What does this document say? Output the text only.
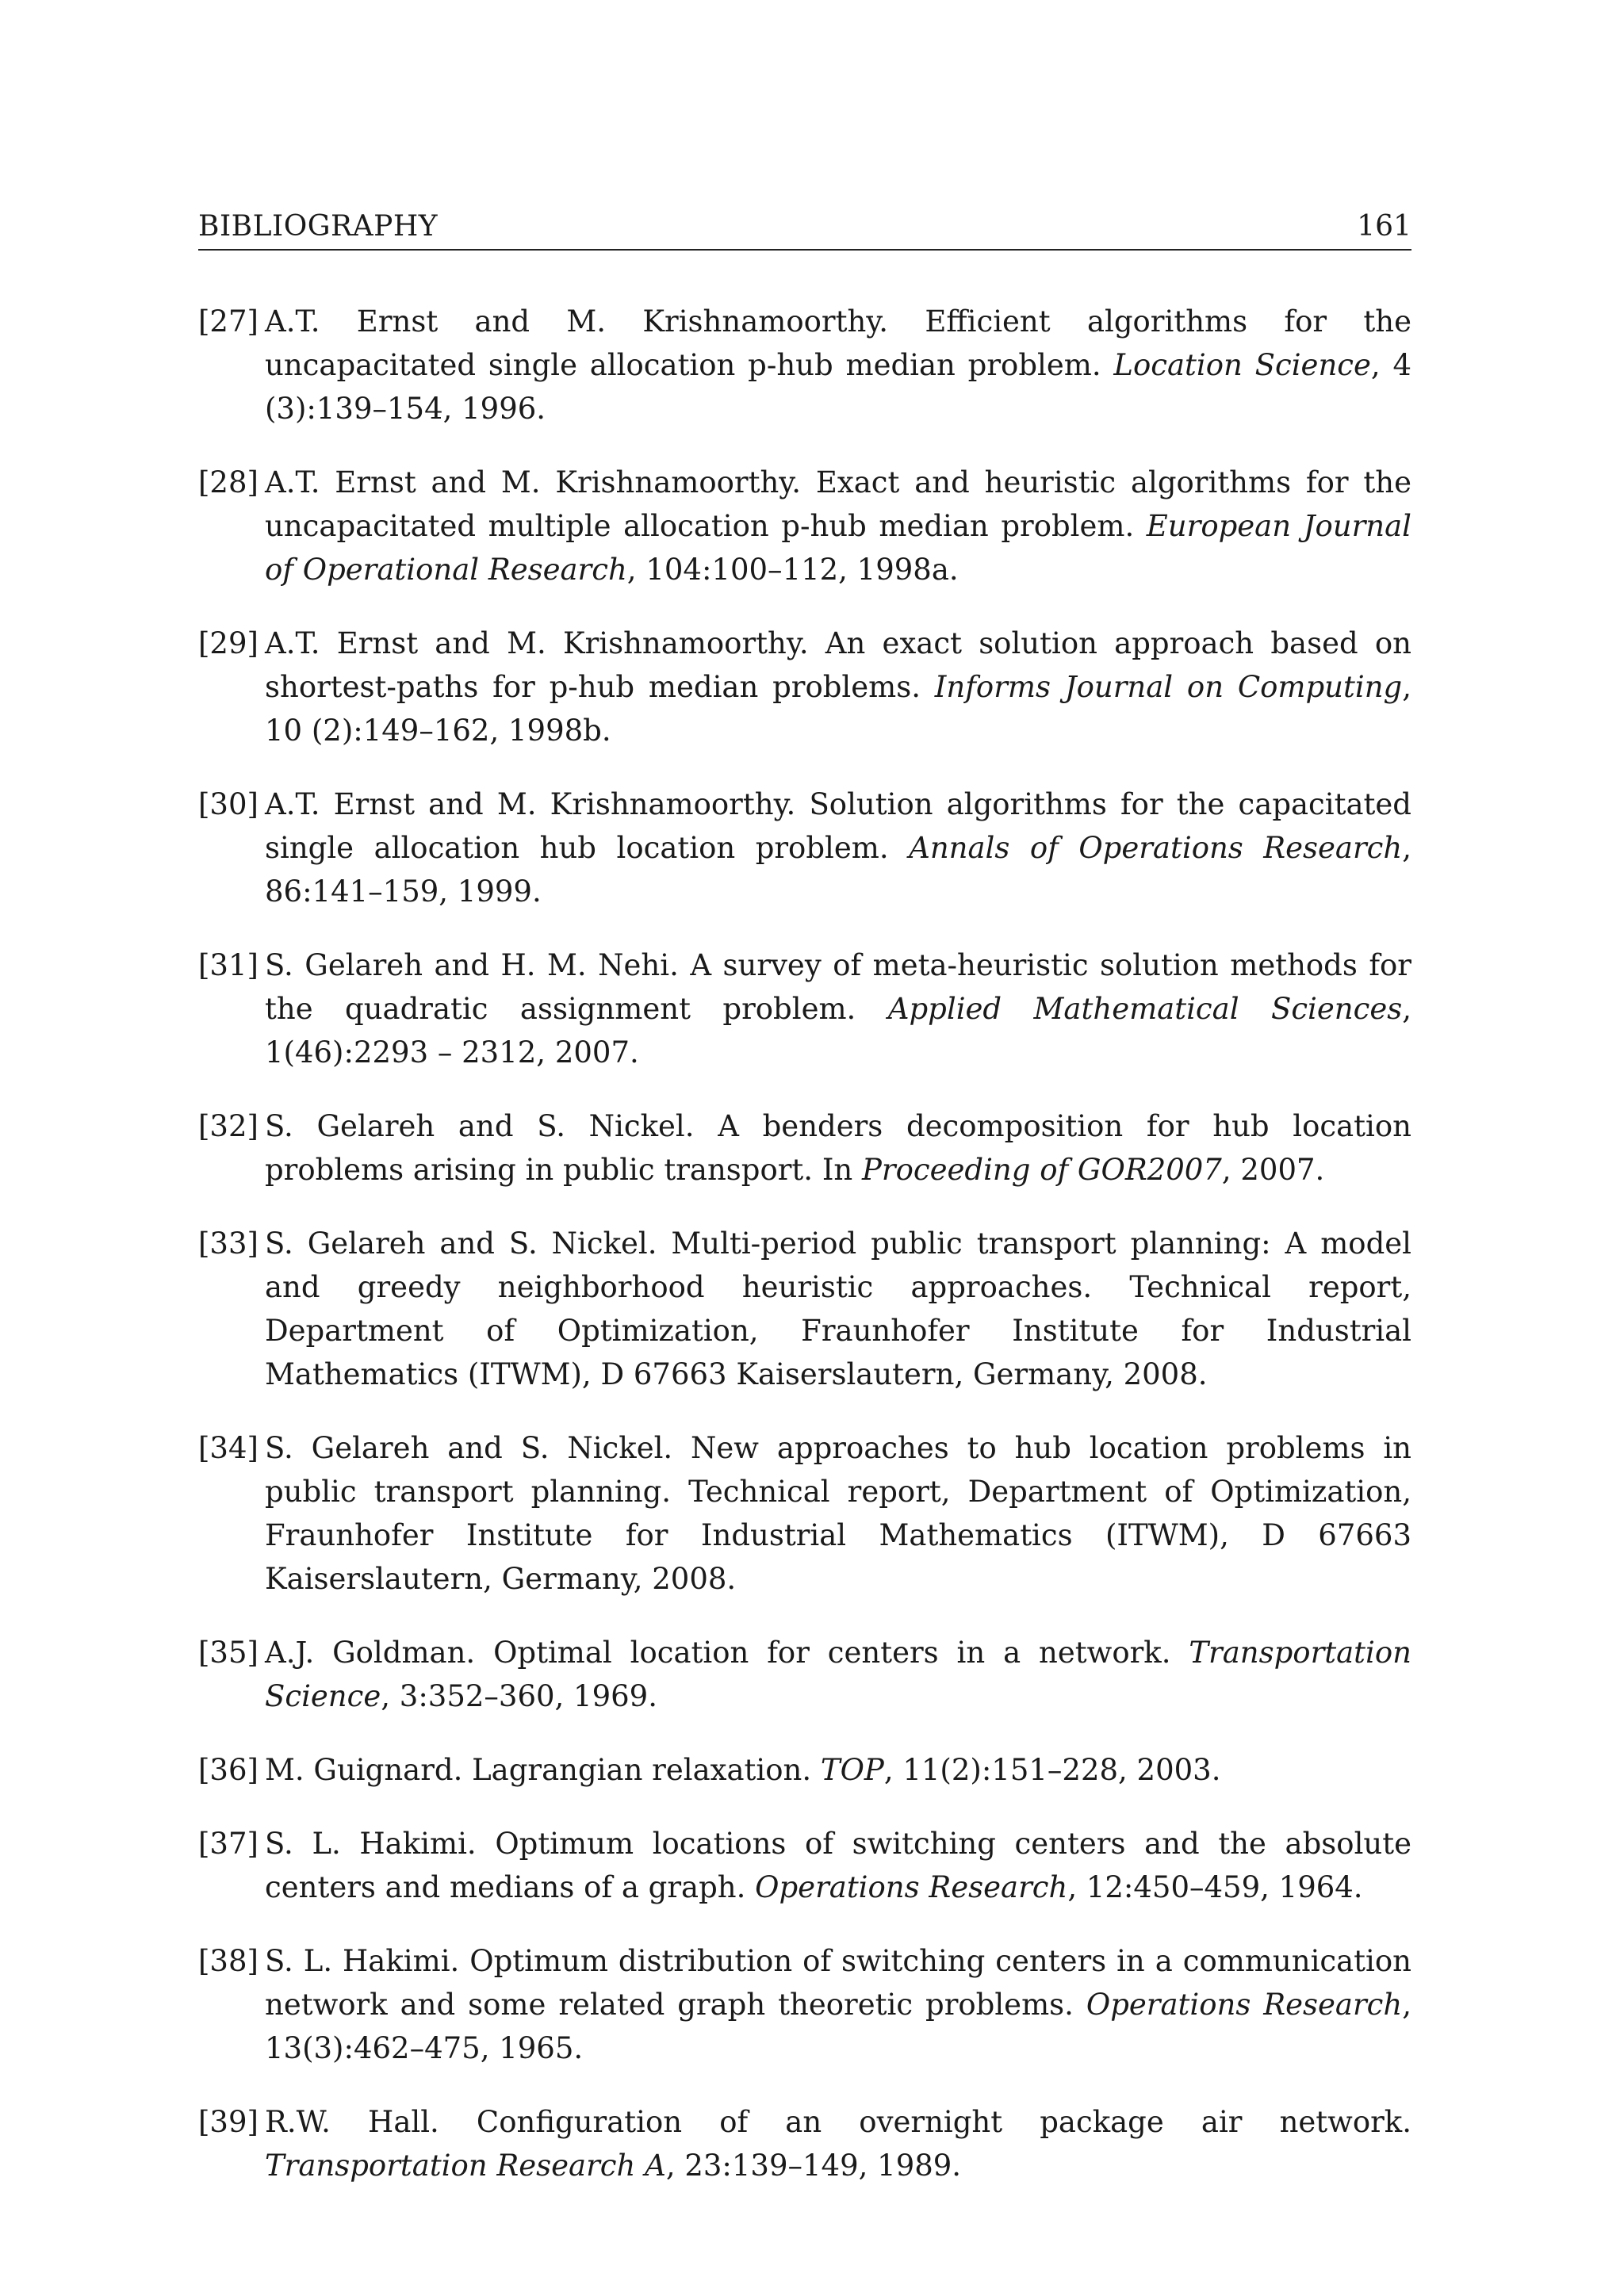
BIBLIOGRAPHY	161
[27] A.T. Ernst and M. Krishnamoorthy. Efficient algorithms for the uncapacitated single allocation p-hub median problem. Location Science, 4 (3):139–154, 1996.
[28] A.T. Ernst and M. Krishnamoorthy. Exact and heuristic algorithms for the uncapacitated multiple allocation p-hub median problem. European Journal of Operational Research, 104:100–112, 1998a.
[29] A.T. Ernst and M. Krishnamoorthy. An exact solution approach based on shortest-paths for p-hub median problems. Informs Journal on Computing, 10 (2):149–162, 1998b.
[30] A.T. Ernst and M. Krishnamoorthy. Solution algorithms for the capacitated single allocation hub location problem. Annals of Operations Research, 86:141–159, 1999.
[31] S. Gelareh and H. M. Nehi. A survey of meta-heuristic solution methods for the quadratic assignment problem. Applied Mathematical Sciences, 1(46):2293 – 2312, 2007.
[32] S. Gelareh and S. Nickel. A benders decomposition for hub location problems arising in public transport. In Proceeding of GOR2007, 2007.
[33] S. Gelareh and S. Nickel. Multi-period public transport planning: A model and greedy neighborhood heuristic approaches. Technical report, Department of Optimization, Fraunhofer Institute for Industrial Mathematics (ITWM), D 67663 Kaiserslautern, Germany, 2008.
[34] S. Gelareh and S. Nickel. New approaches to hub location problems in public transport planning. Technical report, Department of Optimization, Fraunhofer Institute for Industrial Mathematics (ITWM), D 67663 Kaiserslautern, Germany, 2008.
[35] A.J. Goldman. Optimal location for centers in a network. Transportation Science, 3:352–360, 1969.
[36] M. Guignard. Lagrangian relaxation. TOP, 11(2):151–228, 2003.
[37] S. L. Hakimi. Optimum locations of switching centers and the absolute centers and medians of a graph. Operations Research, 12:450–459, 1964.
[38] S. L. Hakimi. Optimum distribution of switching centers in a communication network and some related graph theoretic problems. Operations Research, 13(3):462–475, 1965.
[39] R.W. Hall. Configuration of an overnight package air network. Transportation Research A, 23:139–149, 1989.
